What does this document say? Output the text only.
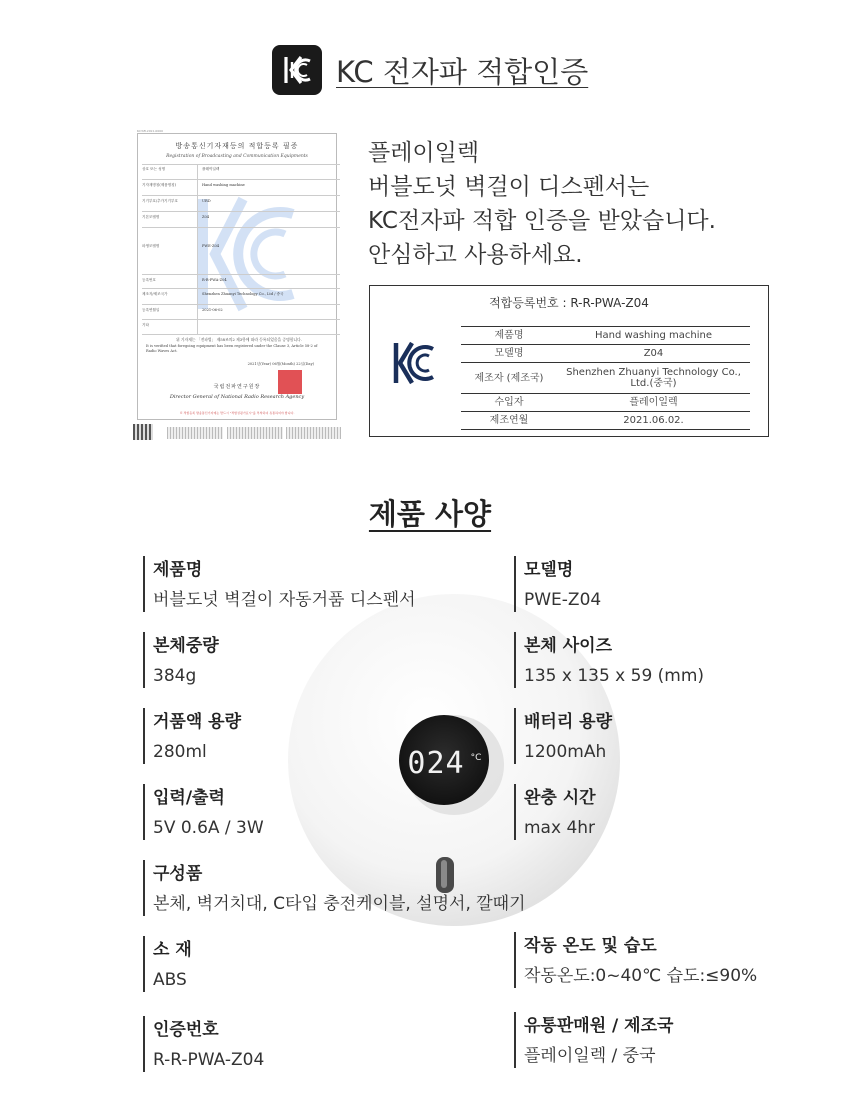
KC 전자파 적합인증
KCSR-2021-0000
방송통신기자재등의 적합등록 필증
Registration of Broadcasting and Communication Equipments
상호 또는 성명	플레이일렉
기자재명칭(제품명칭)	Hand washing machine
기기부호/추가기기부호	URD
기본모델명	Z04
파생모델명	PWE-Z04
등록번호	R-R-PWA-Z04
제조자/제조국가	Shenzhen Zhuanyi Technology Co., Ltd / 중국
등록연월일	2021-06-02
기타
위 기자재는 「전파법」 제58조의2 제3항에 따라 등록되었음을 증명합니다.
It is verified that foregoing equipment has been registered under the Clause 3, Article 58-2 of Radio Waves Act.
2021년(Year) 06월(Month) 22일(Day)
국립전파연구원장
Director General of National Radio Research Agency
※ 적합등록 방송통신기자재는 반드시 "적합성평가표시"를 부착하여 유통하여야 합니다.
플레이일렉
버블도넛 벽걸이 디스펜서는
KC전자파 적합 인증을 받았습니다.
안심하고 사용하세요.
적합등록번호 : R-R-PWA-Z04
제품명	Hand washing machine
모델명	Z04
제조자 (제조국)	Shenzhen Zhuanyi Technology Co., Ltd.(중국)
수입자	플레이일렉
제조연월	2021.06.02.
제품 사양
024 °C
제품명
버블도넛 벽걸이 자동거품 디스펜서
모델명
PWE-Z04
본체중량
384g
본체 사이즈
135 x 135 x 59 (mm)
거품액 용량
280ml
배터리 용량
1200mAh
입력/출력
5V 0.6A / 3W
완충 시간
max 4hr
구성품
본체, 벽거치대, C타입 충전케이블, 설명서, 깔때기
소 재
ABS
작동 온도 및 습도
작동온도:0~40℃ 습도:≤90%
인증번호
R-R-PWA-Z04
유통판매원 / 제조국
플레이일렉 / 중국
